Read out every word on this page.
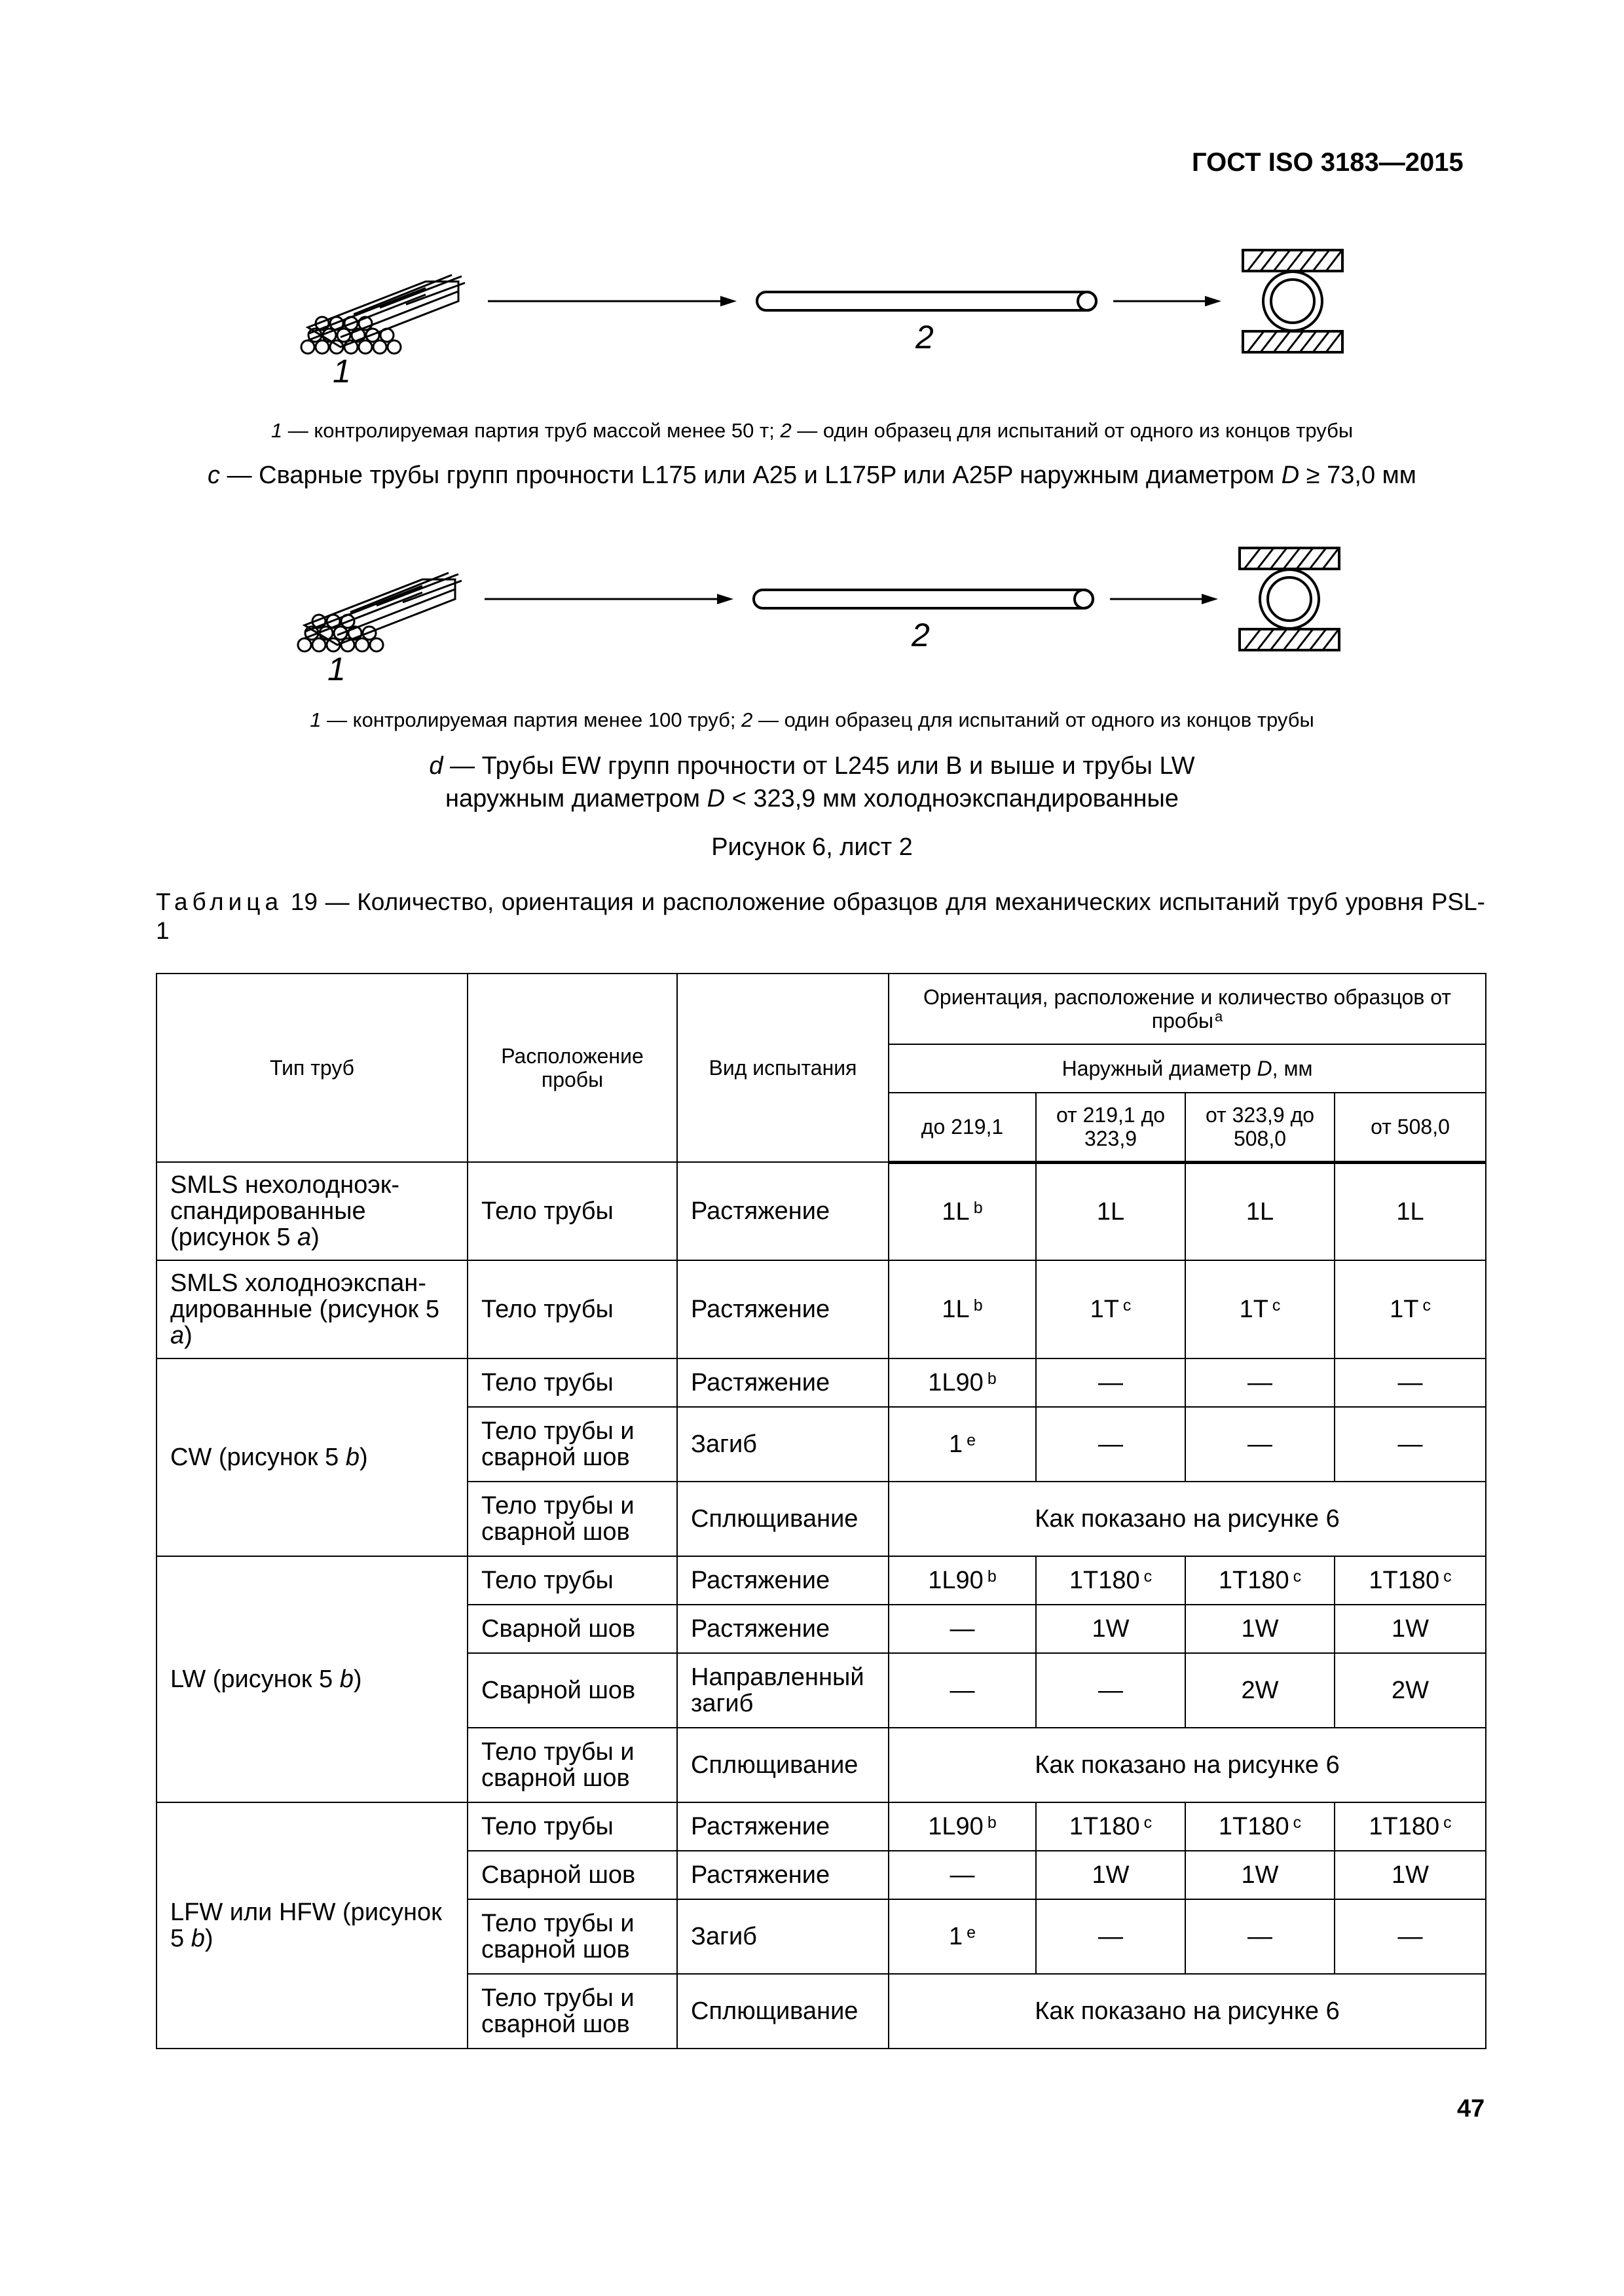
ГОСТ ISO 3183—2015
1
2
1 — контролируемая партия труб массой менее 50 т; 2 — один образец для испытаний от одного из концов трубы
c — Сварные трубы групп прочности L175 или A25 и L175P или A25P наружным диаметром D ≥ 73,0 мм
1
2
1 — контролируемая партия менее 100 труб; 2 — один образец для испытаний от одного из концов трубы
d — Трубы EW групп прочности от L245 или B и выше и трубы LW
наружным диаметром D < 323,9 мм холодноэкспандированные
Рисунок 6, лист 2
Таблица 19 — Количество, ориентация и расположение образцов для механических испытаний труб уровня PSL-1
Тип труб	Расположение пробы	Вид испытания	Ориентация, расположение и количество образцов от пробы$^a$
			Наружный диаметр D, мм			
			до 219,1	от 219,1 до 323,9	от 323,9 до 508,0	от 508,0
SMLS нехолодноэк-спандированные (рисунок 5 a)	Тело трубы	Растяжение	1L $^b$	1L	1L	1L
SMLS холодноэкспан-дированные (рисунок 5 a)	Тело трубы	Растяжение	1L $^b$	1T $^c$	1T $^c$	1T $^c$
CW (рисунок 5 b)	Тело трубы	Растяжение	1L90 $^b$	—	—	—
	Тело трубы и сварной шов	Загиб	1 $^e$	—	—	—
	Тело трубы и сварной шов	Сплющивание	Как показано на рисунке 6			
LW (рисунок 5 b)	Тело трубы	Растяжение	1L90 $^b$	1T180 $^c$	1T180 $^c$	1T180 $^c$
	Сварной шов	Растяжение	—	1W	1W	1W
	Сварной шов	Направленный загиб	—	—	2W	2W
	Тело трубы и сварной шов	Сплющивание	Как показано на рисунке 6			
LFW или HFW (рисунок 5 b)	Тело трубы	Растяжение	1L90 $^b$	1T180 $^c$	1T180 $^c$	1T180 $^c$
	Сварной шов	Растяжение	—	1W	1W	1W
	Тело трубы и сварной шов	Загиб	1 $^e$	—	—	—
	Тело трубы и сварной шов	Сплющивание	Как показано на рисунке 6			
47
